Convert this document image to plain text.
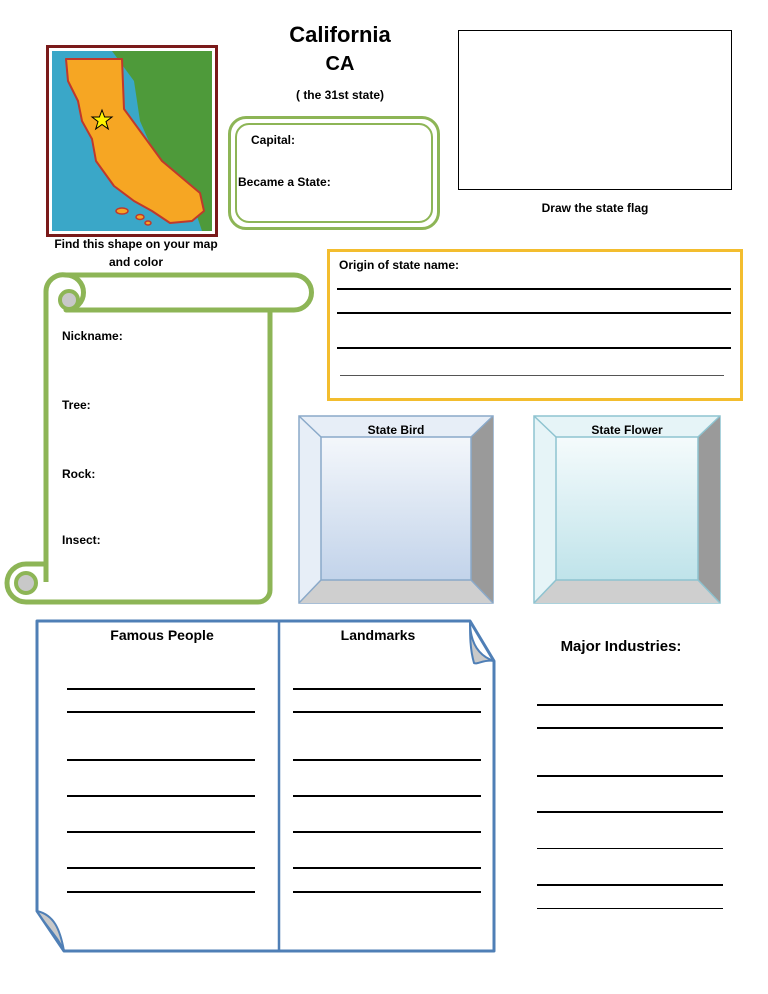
California
CA
( the 31st state)
Find this shape on your map and color
Capital:
Became a State:
Draw the state flag
Origin of state name:
Nickname:
Tree:
Rock:
Insect:
State Bird	State Flower
Famous People	Landmarks
Major Industries:
